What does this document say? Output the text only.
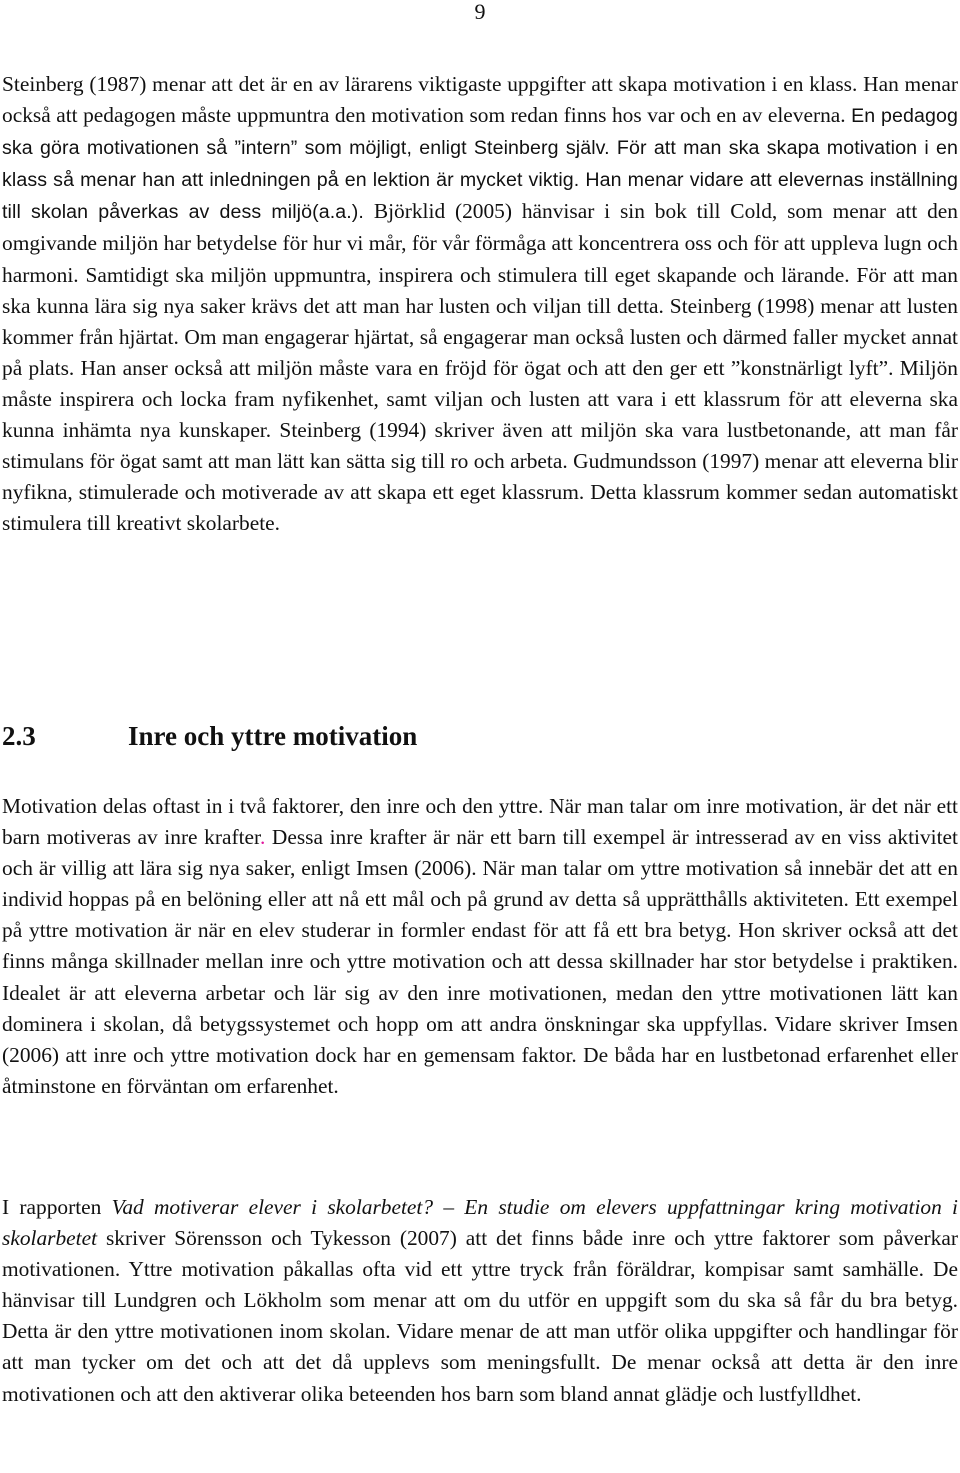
9

Steinberg (1987) menar att det är en av lärarens viktigaste uppgifter att skapa motivation i en klass. Han menar också att pedagogen måste uppmuntra den motivation som redan finns hos var och en av eleverna. En pedagog ska göra motivationen så ”intern” som möjligt, enligt Steinberg själv. För att man ska skapa motivation i en klass så menar han att inledningen på en lektion är mycket viktig. Han menar vidare att elevernas inställning till skolan påverkas av dess miljö(a.a.). Björklid (2005) hänvisar i sin bok till Cold, som menar att den omgivande miljön har betydelse för hur vi mår, för vår förmåga att koncentrera oss och för att uppleva lugn och harmoni. Samtidigt ska miljön uppmuntra, inspirera och stimulera till eget skapande och lärande. För att man ska kunna lära sig nya saker krävs det att man har lusten och viljan till detta. Steinberg (1998) menar att lusten kommer från hjärtat. Om man engagerar hjärtat, så engagerar man också lusten och därmed faller mycket annat på plats. Han anser också att miljön måste vara en fröjd för ögat och att den ger ett ”konstnärligt lyft”. Miljön måste inspirera och locka fram nyfikenhet, samt viljan och lusten att vara i ett klassrum för att eleverna ska kunna inhämta nya kunskaper. Steinberg (1994) skriver även att miljön ska vara lustbetonande, att man får stimulans för ögat samt att man lätt kan sätta sig till ro och arbeta. Gudmundsson (1997) menar att eleverna blir nyfikna, stimulerade och motiverade av att skapa ett eget klassrum. Detta klassrum kommer sedan automatiskt stimulera till kreativt skolarbete.

2.3	Inre och yttre motivation

Motivation delas oftast in i två faktorer, den inre och den yttre. När man talar om inre motivation, är det när ett barn motiveras av inre krafter. Dessa inre krafter är när ett barn till exempel är intresserad av en viss aktivitet och är villig att lära sig nya saker, enligt Imsen (2006). När man talar om yttre motivation så innebär det att en individ hoppas på en belöning eller att nå ett mål och på grund av detta så upprätthålls aktiviteten. Ett exempel på yttre motivation är när en elev studerar in formler endast för att få ett bra betyg. Hon skriver också att det finns många skillnader mellan inre och yttre motivation och att dessa skillnader har stor betydelse i praktiken. Idealet är att eleverna arbetar och lär sig av den inre motivationen, medan den yttre motivationen lätt kan dominera i skolan, då betygssystemet och hopp om att andra önskningar ska uppfyllas. Vidare skriver Imsen (2006) att inre och yttre motivation dock har en gemensam faktor. De båda har en lustbetonad erfarenhet eller åtminstone en förväntan om erfarenhet.

I rapporten Vad motiverar elever i skolarbetet? – En studie om elevers uppfattningar kring motivation i skolarbetet skriver Sörensson och Tykesson (2007) att det finns både inre och yttre faktorer som påverkar motivationen. Yttre motivation påkallas ofta vid ett yttre tryck från föräldrar, kompisar samt samhälle. De hänvisar till Lundgren och Lökholm som menar att om du utför en uppgift som du ska så får du bra betyg. Detta är den yttre motivationen inom skolan. Vidare menar de att man utför olika uppgifter och handlingar för att man tycker om det och att det då upplevs som meningsfullt. De menar också att detta är den inre motivationen och att den aktiverar olika beteenden hos barn som bland annat glädje och lustfylldhet.
